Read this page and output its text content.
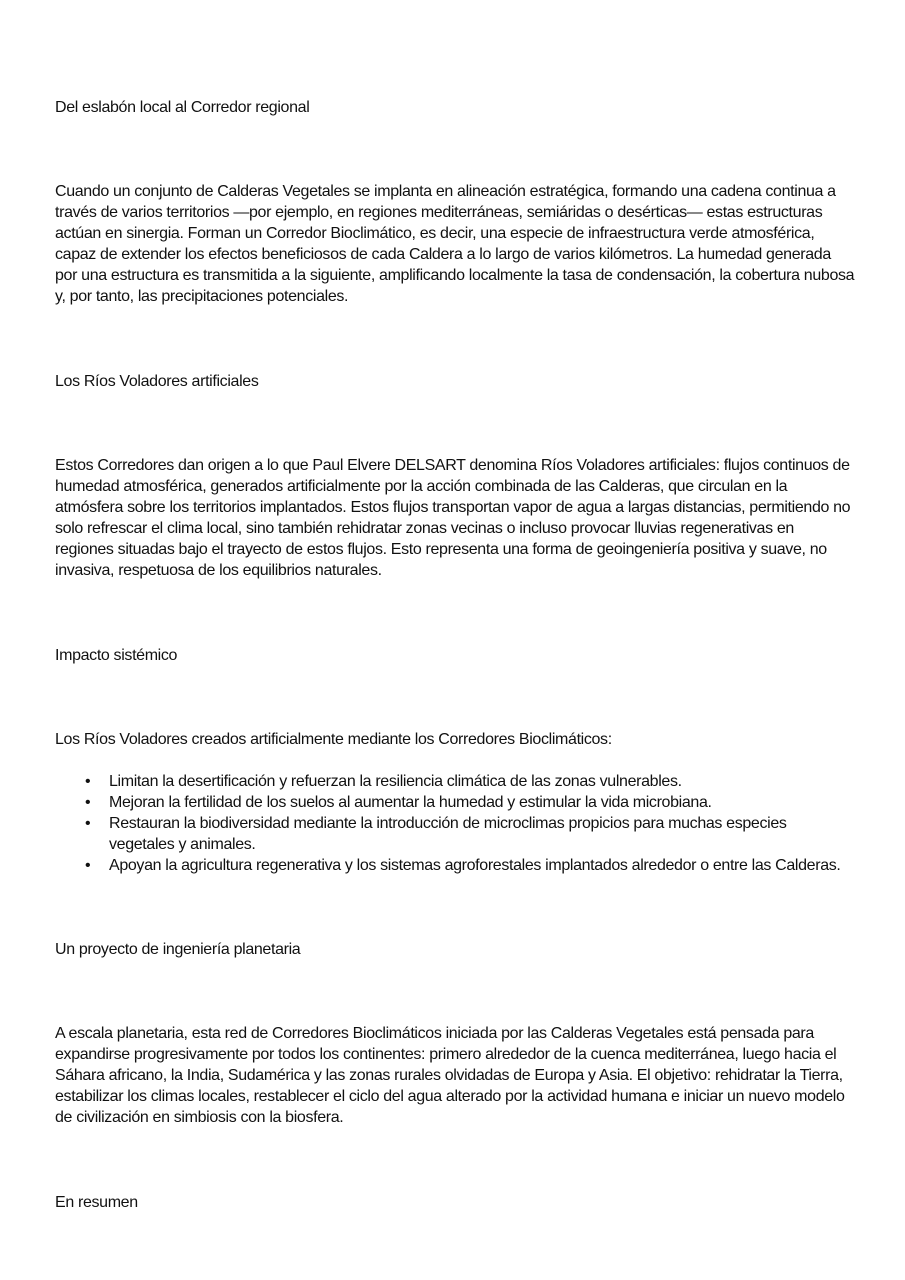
Del eslabón local al Corredor regional

Cuando un conjunto de Calderas Vegetales se implanta en alineación estratégica, formando una cadena continua a través de varios territorios —por ejemplo, en regiones mediterráneas, semiáridas o desérticas— estas estructuras actúan en sinergia. Forman un Corredor Bioclimático, es decir, una especie de infraestructura verde atmosférica, capaz de extender los efectos beneficiosos de cada Caldera a lo largo de varios kilómetros. La humedad generada por una estructura es transmitida a la siguiente, amplificando localmente la tasa de condensación, la cobertura nubosa y, por tanto, las precipitaciones potenciales.

Los Ríos Voladores artificiales

Estos Corredores dan origen a lo que Paul Elvere DELSART denomina Ríos Voladores artificiales: flujos continuos de humedad atmosférica, generados artificialmente por la acción combinada de las Calderas, que circulan en la atmósfera sobre los territorios implantados. Estos flujos transportan vapor de agua a largas distancias, permitiendo no solo refrescar el clima local, sino también rehidratar zonas vecinas o incluso provocar lluvias regenerativas en regiones situadas bajo el trayecto de estos flujos. Esto representa una forma de geoingeniería positiva y suave, no invasiva, respetuosa de los equilibrios naturales.

Impacto sistémico

Los Ríos Voladores creados artificialmente mediante los Corredores Bioclimáticos:

• Limitan la desertificación y refuerzan la resiliencia climática de las zonas vulnerables.
• Mejoran la fertilidad de los suelos al aumentar la humedad y estimular la vida microbiana.
• Restauran la biodiversidad mediante la introducción de microclimas propicios para muchas especies vegetales y animales.
• Apoyan la agricultura regenerativa y los sistemas agroforestales implantados alrededor o entre las Calderas.
Un proyecto de ingeniería planetaria

A escala planetaria, esta red de Corredores Bioclimáticos iniciada por las Calderas Vegetales está pensada para expandirse progresivamente por todos los continentes: primero alrededor de la cuenca mediterránea, luego hacia el Sáhara africano, la India, Sudamérica y las zonas rurales olvidadas de Europa y Asia. El objetivo: rehidratar la Tierra, estabilizar los climas locales, restablecer el ciclo del agua alterado por la actividad humana e iniciar un nuevo modelo de civilización en simbiosis con la biosfera.

En resumen
